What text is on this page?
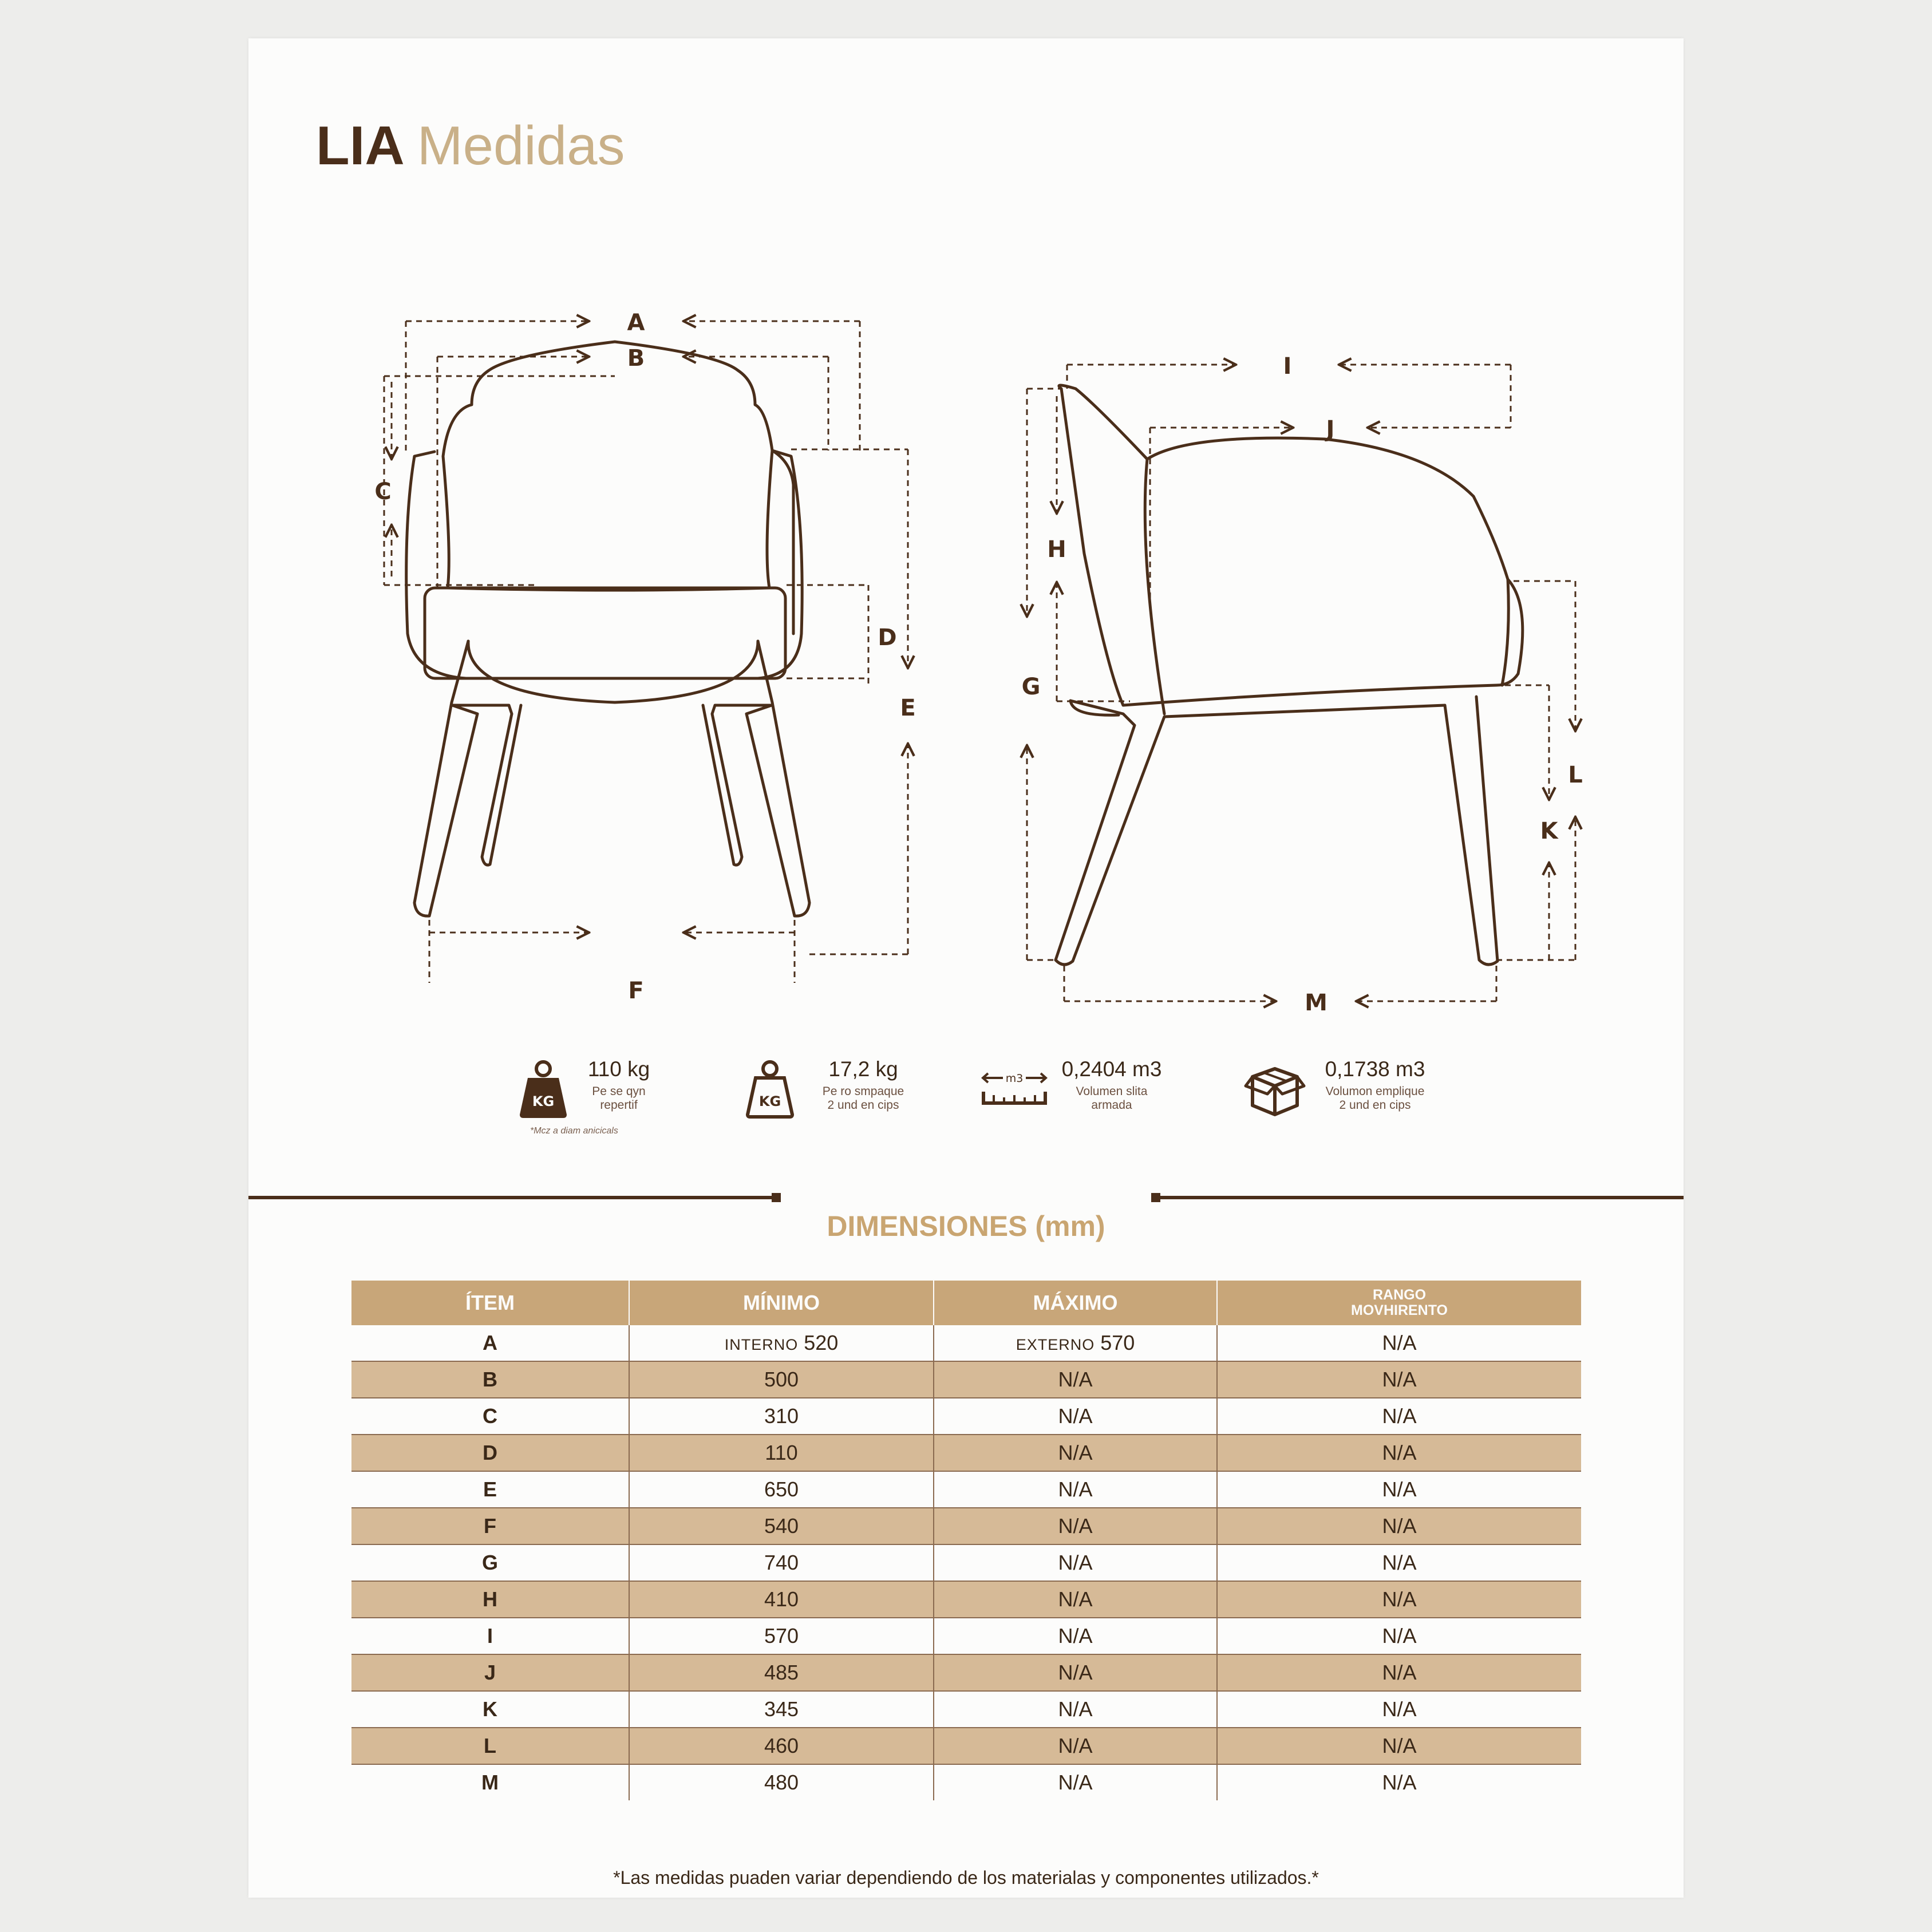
LIA Medidas
A
B
C
D
E
F
I
J
H
G
K
L
M
KG
110 kg
Pe se qyn
repertif
*Mcz a diam anicicals
KG
17,2 kg
Pe ro smpaque
2 und en cips
m3	0,2404 m3
Volumen slita
armada
0,1738 m3
Volumon emplique
2 und en cips
DIMENSIONES (mm)
ÍTEM	MÍNIMO	MÁXIMO	RANGO
MOVHIRENTO

A	INTERNO 520	EXTERNO 570	N/A
B	500	N/A	N/A
C	310	N/A	N/A
D	110	N/A	N/A
E	650	N/A	N/A
F	540	N/A	N/A
G	740	N/A	N/A
H	410	N/A	N/A
I	570	N/A	N/A
J	485	N/A	N/A
K	345	N/A	N/A
L	460	N/A	N/A
M	480	N/A	N/A
*Las medidas puaden variar dependiendo de los materialas y componentes utilizados.*
